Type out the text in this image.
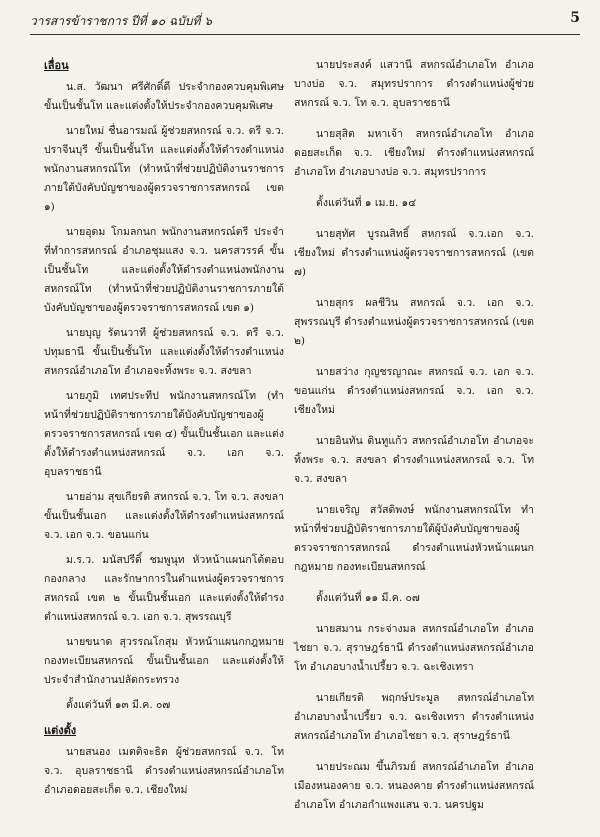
วารสารข้าราชการ ปีที่ ๑๐ ฉบับที่ ๖	5

เลื่อน

น.ส. วัฒนา ศรีศักดิ์ดี ประจำกองควบคุมพิเศษ ขั้นเป็นชั้นโท และแต่งตั้งให้ประจำกองควบคุมพิเศษ

นายใหม่ ชื่นอารมณ์ ผู้ช่วยสหกรณ์ จ.ว. ตรี จ.ว. ปราจีนบุรี ขั้นเป็นชั้นโท และแต่งตั้งให้ดำรงตำแหน่งพนักงานสหกรณ์โท (ทำหน้าที่ช่วยปฏิบัติงานราชการภายใต้บังคับบัญชาของผู้ตรวจราชการสหกรณ์ เขต ๑)

นายอุดม โกมลกนก พนักงานสหกรณ์ตรี ประจำที่ทำการสหกรณ์ อำเภอชุมแสง จ.ว. นครสวรรค์ ขั้นเป็นชั้นโท และแต่งตั้งให้ดำรงตำแหน่งพนักงานสหกรณ์โท (ทำหน้าที่ช่วยปฏิบัติงานราชการภายใต้บังคับบัญชาของผู้ตรวจราชการสหกรณ์ เขต ๑)

นายบุญ รัตนวาที ผู้ช่วยสหกรณ์ จ.ว. ตรี จ.ว. ปทุมธานี ขั้นเป็นชั้นโท และแต่งตั้งให้ดำรงตำแหน่งสหกรณ์อำเภอโท อำเภอจะทิ้งพระ จ.ว. สงขลา

นายภูมิ เทศประทีป พนักงานสหกรณ์โท (ทำหน้าที่ช่วยปฏิบัติราชการภายใต้บังคับบัญชาของผู้ตรวจราชการสหกรณ์ เขต ๔) ขั้นเป็นชั้นเอก และแต่งตั้งให้ดำรงตำแหน่งสหกรณ์ จ.ว. เอก จ.ว. อุบลราชธานี

นายอ่าม สุขเกียรติ สหกรณ์ จ.ว. โท จ.ว. สงขลา ขั้นเป็นชั้นเอก และแต่งตั้งให้ดำรงตำแหน่งสหกรณ์ จ.ว. เอก จ.ว. ขอนแก่น

ม.ร.ว. มนัสปรีดิ์ ชมพูนุท หัวหน้าแผนกโต้ตอบ กองกลาง และรักษาการในตำแหน่งผู้ตรวจราชการสหกรณ์ เขต ๒ ขั้นเป็นชั้นเอก และแต่งตั้งให้ดำรงตำแหน่งสหกรณ์ จ.ว. เอก จ.ว. สุพรรณบุรี

นายขนาด สุวรรณโกสุม หัวหน้าแผนกกฎหมาย กองทะเบียนสหกรณ์ ขั้นเป็นชั้นเอก และแต่งตั้งให้ประจำสำนักงานปลัดกระทรวง

ตั้งแต่วันที่ ๑๓ มี.ค. ๐๗

แต่งตั้ง

นายสนอง เมตติจะธิต ผู้ช่วยสหกรณ์ จ.ว. โท จ.ว. อุบลราชธานี ดำรงตำแหน่งสหกรณ์อำเภอโท อำเภอดอยสะเก็ด จ.ว. เชียงใหม่

นายประสงค์ แสวานี สหกรณ์อำเภอโท อำเภอบางบ่อ จ.ว. สมุทรปราการ ดำรงตำแหน่งผู้ช่วยสหกรณ์ จ.ว. โท จ.ว. อุบลราชธานี

นายสุสิต มหาเจ้า สหกรณ์อำเภอโท อำเภอดอยสะเก็ด จ.ว. เชียงใหม่ ดำรงตำแหน่งสหกรณ์อำเภอโท อำเภอบางบ่อ จ.ว. สมุทรปราการ

ตั้งแต่วันที่ ๑ เม.ย. ๑๔

นายสุทัศ บูรณสิทธิ์ สหกรณ์ จ.ว.เอก จ.ว. เชียงใหม่ ดำรงตำแหน่งผู้ตรวจราชการสหกรณ์ (เขต ๗)

นายสุกร ผลชีวิน สหกรณ์ จ.ว. เอก จ.ว. สุพรรณบุรี ดำรงตำแหน่งผู้ตรวจราชการสหกรณ์ (เขต ๒)

นายสว่าง กุญชรญาณะ สหกรณ์ จ.ว. เอก จ.ว. ขอนแก่น ดำรงตำแหน่งสหกรณ์ จ.ว. เอก จ.ว. เชียงใหม่

นายอินทัน ดินทูแก้ว สหกรณ์อำเภอโท อำเภอจะทิ้งพระ จ.ว. สงขลา ดำรงตำแหน่งสหกรณ์ จ.ว. โท จ.ว. สงขลา

นายเจริญ สวัสดิพงษ์ พนักงานสหกรณ์โท ทำหน้าที่ช่วยปฏิบัติราชการภายใต้ผู้บังคับบัญชาของผู้ตรวจราชการสหกรณ์ ดำรงตำแหน่งหัวหน้าแผนกกฎหมาย กองทะเบียนสหกรณ์

ตั้งแต่วันที่ ๑๑ มี.ค. ๐๗

นายสมาน กระจ่างมล สหกรณ์อำเภอโท อำเภอไชยา จ.ว. สุราษฎร์ธานี ดำรงตำแหน่งสหกรณ์อำเภอโท อำเภอบางน้ำเปรี้ยว จ.ว. ฉะเชิงเทรา

นายเกียรติ พฤกษ์ประมูล สหกรณ์อำเภอโท อำเภอบางน้ำเปรี้ยว จ.ว. ฉะเชิงเทรา ดำรงตำแหน่งสหกรณ์อำเภอโท อำเภอไชยา จ.ว. สุราษฎร์ธานี

นายประณม ขึ้นภิรมย์ สหกรณ์อำเภอโท อำเภอเมืองหนองคาย จ.ว. หนองคาย ดำรงตำแหน่งสหกรณ์อำเภอโท อำเภอกำแพงแสน จ.ว. นครปฐม
